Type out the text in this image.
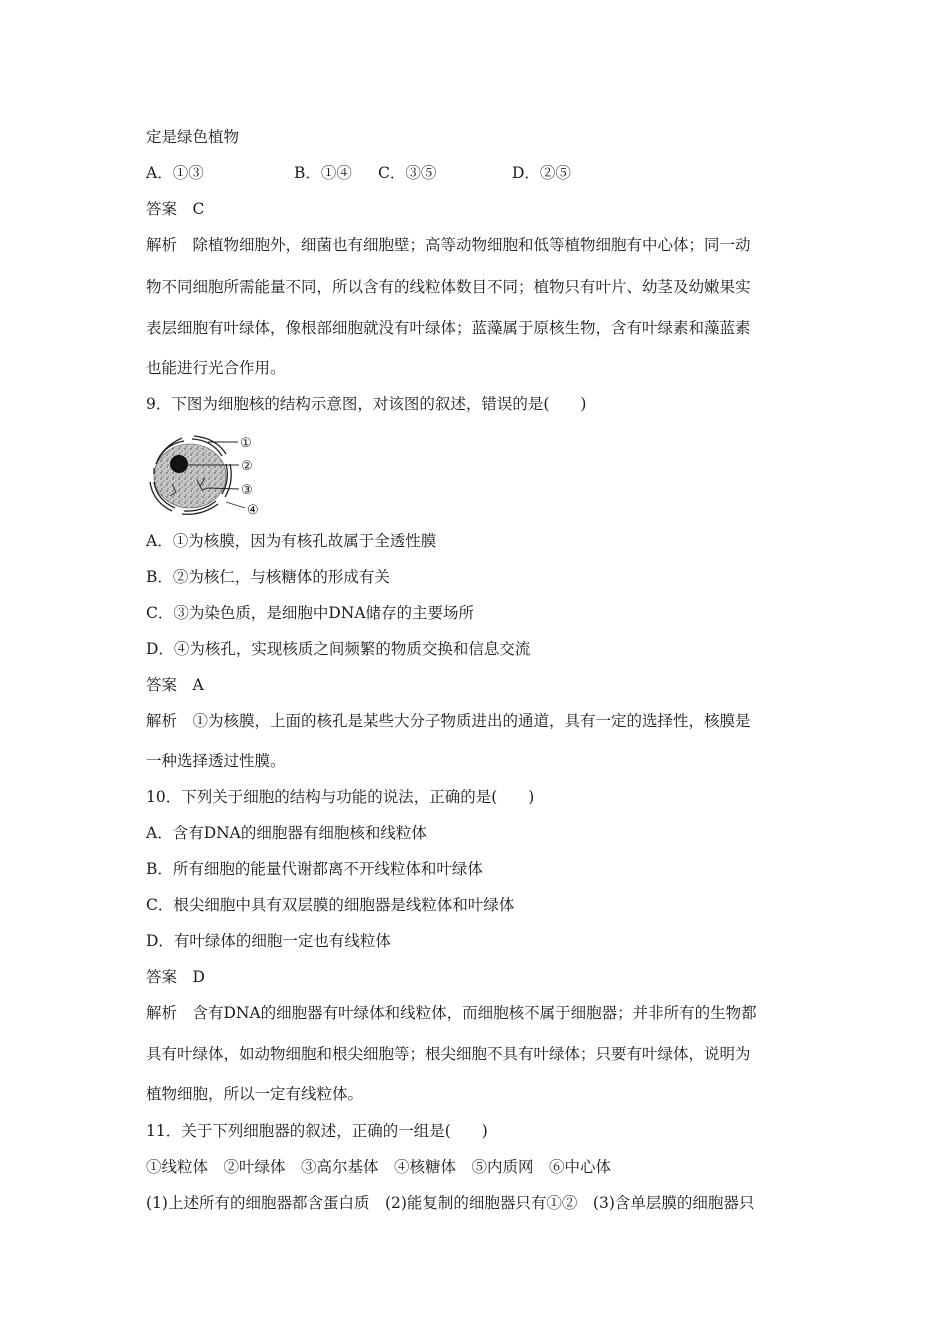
定是绿色植物
A．①③	B．①④ C．③⑤	D．②⑤
答案　C
解析　除植物细胞外，细菌也有细胞壁；高等动物细胞和低等植物细胞有中心体；同一动
物不同细胞所需能量不同，所以含有的线粒体数目不同；植物只有叶片、幼茎及幼嫩果实
表层细胞有叶绿体，像根部细胞就没有叶绿体；蓝藻属于原核生物，含有叶绿素和藻蓝素
也能进行光合作用。
9．下图为细胞核的结构示意图，对该图的叙述，错误的是(　　)
①
②
③
④
A．①为核膜，因为有核孔故属于全透性膜
B．②为核仁，与核糖体的形成有关
C．③为染色质，是细胞中DNA储存的主要场所
D．④为核孔，实现核质之间频繁的物质交换和信息交流
答案　A
解析　①为核膜，上面的核孔是某些大分子物质进出的通道，具有一定的选择性，核膜是
一种选择透过性膜。
10．下列关于细胞的结构与功能的说法，正确的是(　　)
A．含有DNA的细胞器有细胞核和线粒体
B．所有细胞的能量代谢都离不开线粒体和叶绿体
C．根尖细胞中具有双层膜的细胞器是线粒体和叶绿体
D．有叶绿体的细胞一定也有线粒体
答案　D
解析　含有DNA的细胞器有叶绿体和线粒体，而细胞核不属于细胞器；并非所有的生物都
具有叶绿体，如动物细胞和根尖细胞等；根尖细胞不具有叶绿体；只要有叶绿体，说明为
植物细胞，所以一定有线粒体。
11．关于下列细胞器的叙述，正确的一组是(　　)
①线粒体　②叶绿体　③高尔基体　④核糖体　⑤内质网　⑥中心体
(1)上述所有的细胞器都含蛋白质　(2)能复制的细胞器只有①②　(3)含单层膜的细胞器只
